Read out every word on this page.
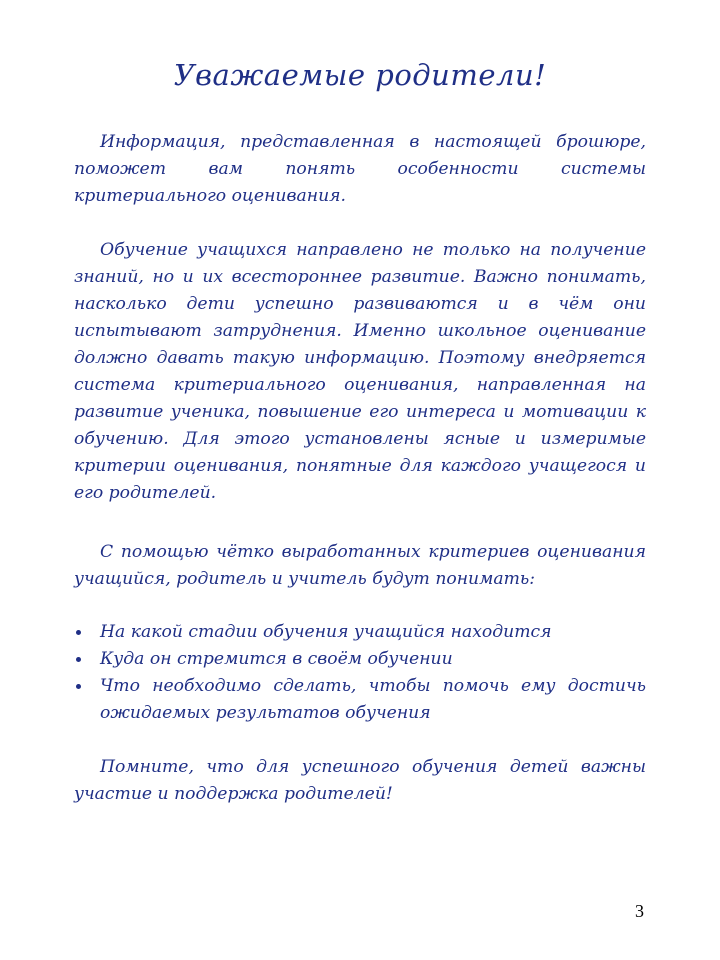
Уважаемые родители!

Информация, представленная в настоящей брошюре, поможет вам понять особенности системы критериального оценивания.

Обучение учащихся направлено не только на получение знаний, но и их всестороннее развитие. Важно понимать, насколько дети успешно развиваются и в чём они испытывают затруднения. Именно школьное оценивание должно давать такую информацию. Поэтому внедряется система критериального оценивания, направленная на развитие ученика, повышение его интереса и мотивации к обучению. Для этого установлены ясные и измеримые критерии оценивания, понятные для каждого учащегося и его родителей.

С помощью чётко выработанных критериев оценивания учащийся, родитель и учитель будут понимать:

На какой стадии обучения учащийся находится
Куда он стремится в своём обучении
Что необходимо сделать, чтобы помочь ему достичь ожидаемых результатов обучения

Помните, что для успешного обучения детей важны участие и поддержка родителей!

3
